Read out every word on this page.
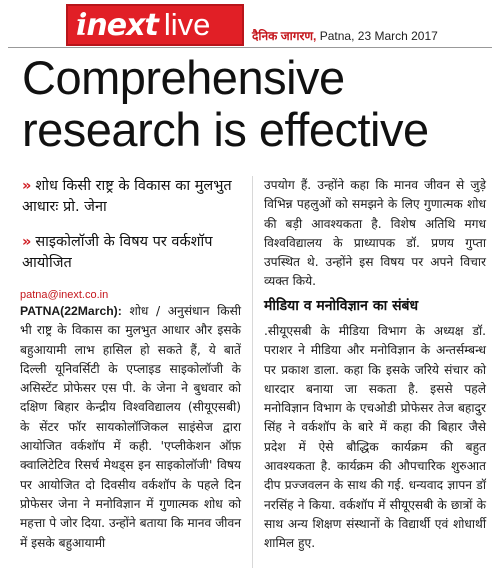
i next live	दैनिक जागरण, Patna, 23 March 2017
Comprehensive
research is effective
» शोध किसी राष्ट्र के विकास का मुलभुत आधारः प्रो. जेना
» साइकोलॉजी के विषय पर वर्कशॉप आयोजित
patna@inext.co.in
PATNA(22March): शोध / अनुसंधान किसी भी राष्ट्र के विकास का मुलभुत आधार और इसके बहुआयामी लाभ हासिल हो सकते हैं, ये बातें दिल्ली यूनिवर्सिटी के एप्लाइड साइकोलॉजी के असिस्टेंट प्रोफेसर एस पी. के जेना ने बुधवार को दक्षिण बिहार केन्द्रीय विश्वविद्यालय (सीयूएसबी) के सेंटर फॉर सायकोलॉजिकल साइंसेज द्वारा आयोजित वर्कशॉप में कही. 'एप्लीकेशन ऑफ़ क्वालिटेटिव रिसर्च मेथड्स इन साइकोलॉजी' विषय पर आयोजित दो दिवसीय वर्कशॉप के पहले दिन प्रोफेसर जेना ने मनोविज्ञान में गुणात्मक शोध को महत्ता पे जोर दिया. उन्होंने बताया कि मानव जीवन में इसके बहुआयामी
उपयोग हैं. उन्होंने कहा कि मानव जीवन से जुड़े विभिन्न पहलुओं को समझने के लिए गुणात्मक शोध की बड़ी आवश्यकता है. विशेष अतिथि मगध विश्वविद्यालय के प्राध्यापक डॉ. प्रणय गुप्ता उपस्थित थे. उन्होंने इस विषय पर अपने विचार व्यक्त किये.
मीडिया व मनोविज्ञान का संबंध
.सीयूएसबी के मीडिया विभाग के अध्यक्ष डॉ. पराशर ने मीडिया और मनोविज्ञान के अन्तर्सम्बन्ध पर प्रकाश डाला. कहा कि इसके जरिये संचार को धारदार बनाया जा सकता है. इससे पहले मनोविज्ञान विभाग के एचओडी प्रोफेसर तेज बहादुर सिंह ने वर्कशॉप के बारे में कहा की बिहार जैसे प्रदेश में ऐसे बौद्धिक कार्यक्रम की बहुत आवश्यकता है. कार्यक्रम की औपचारिक शुरुआत दीप प्रज्जवलन के साथ की गई. धन्यवाद ज्ञापन डॉ नरसिंह ने किया. वर्कशॉप में सीयूएसबी के छात्रों के साथ अन्य शिक्षण संस्थानों के विद्यार्थी एवं शोधार्थी शामिल हुए.
